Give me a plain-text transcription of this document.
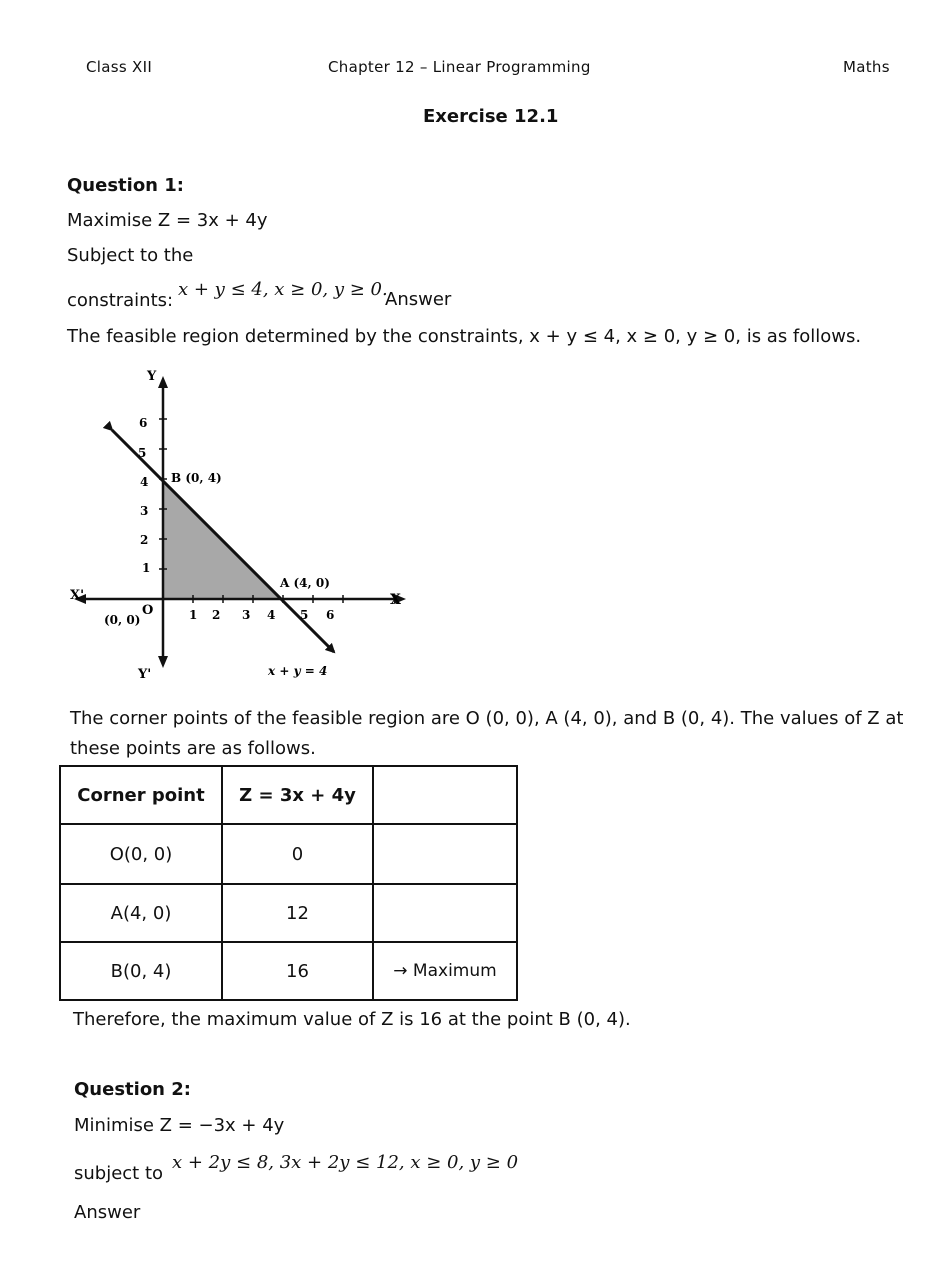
Class XII	Chapter 12 – Linear Programming	Maths
Exercise 12.1
Question 1:
Maximise Z = 3x + 4y
Subject to the
constraints:
x + y ≤ 4, x ≥ 0, y ≥ 0.
Answer
The feasible region determined by the constraints, x + y ≤ 4, x ≥ 0, y ≥ 0, is as follows.
1 2 3 4 5 6
1
2
3
4
5
6
Y
Y'
X
X'
O
(0, 0)
B (0, 4)
A (4, 0)
x + y = 4
The corner points of the feasible region are O (0, 0), A (4, 0), and B (0, 4). The values of Z at these points are as follows.
Corner point	Z = 3x + 4y	
O(0, 0)	0	
A(4, 0)	12	
B(0, 4)	16	→ Maximum
Therefore, the maximum value of Z is 16 at the point B (0, 4).
Question 2:
Minimise Z = −3x + 4y
subject to
x + 2y ≤ 8, 3x + 2y ≤ 12, x ≥ 0, y ≥ 0
Answer
